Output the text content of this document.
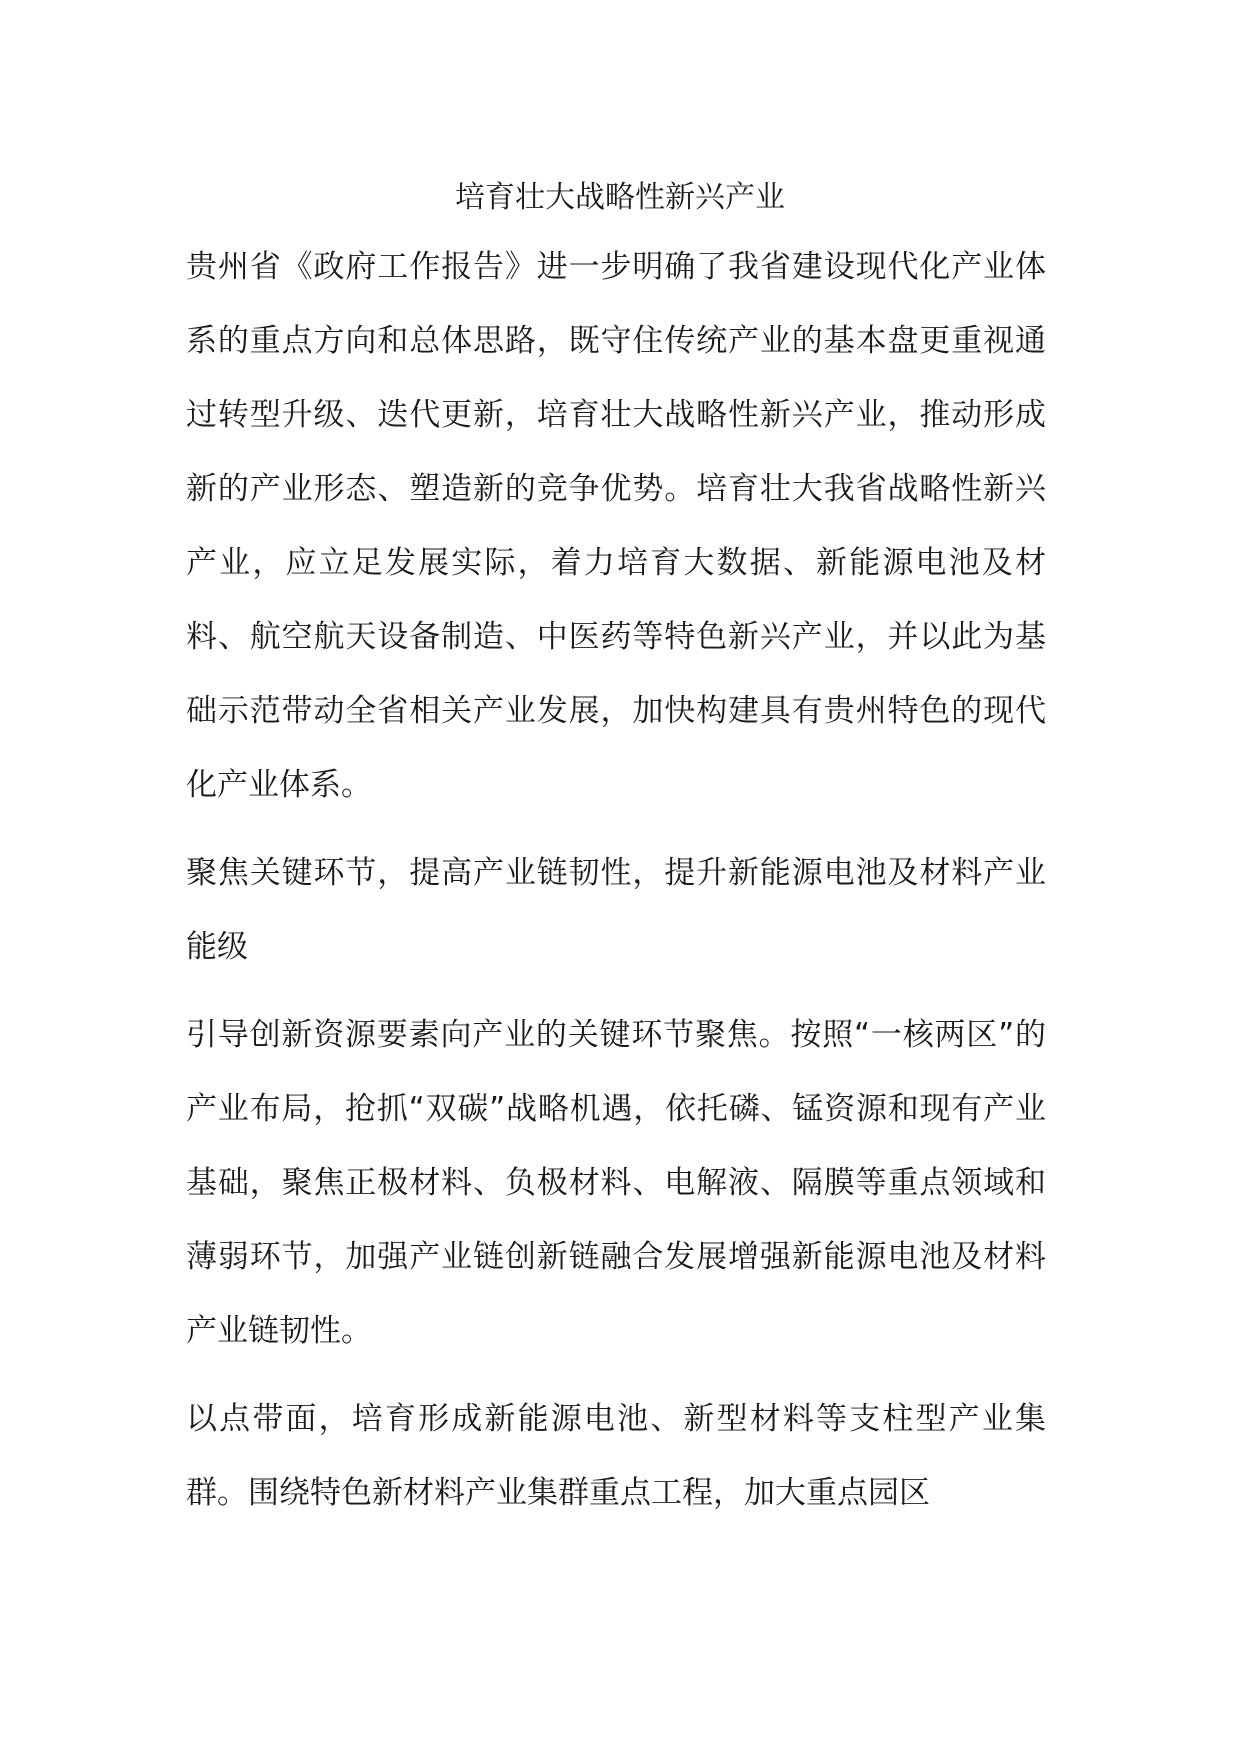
培育壮大战略性新兴产业

贵州省《政府工作报告》进一步明确了我省建设现代化产业体系的重点方向和总体思路，既守住传统产业的基本盘更重视通过转型升级、迭代更新，培育壮大战略性新兴产业，推动形成新的产业形态、塑造新的竞争优势。培育壮大我省战略性新兴产业，应立足发展实际，着力培育大数据、新能源电池及材料、航空航天设备制造、中医药等特色新兴产业，并以此为基础示范带动全省相关产业发展，加快构建具有贵州特色的现代化产业体系。

聚焦关键环节，提高产业链韧性，提升新能源电池及材料产业能级

引导创新资源要素向产业的关键环节聚焦。按照“一核两区”的产业布局，抢抓“双碳”战略机遇，依托磷、锰资源和现有产业基础，聚焦正极材料、负极材料、电解液、隔膜等重点领域和薄弱环节，加强产业链创新链融合发展增强新能源电池及材料产业链韧性。

以点带面，培育形成新能源电池、新型材料等支柱型产业集群。围绕特色新材料产业集群重点工程，加大重点园区
